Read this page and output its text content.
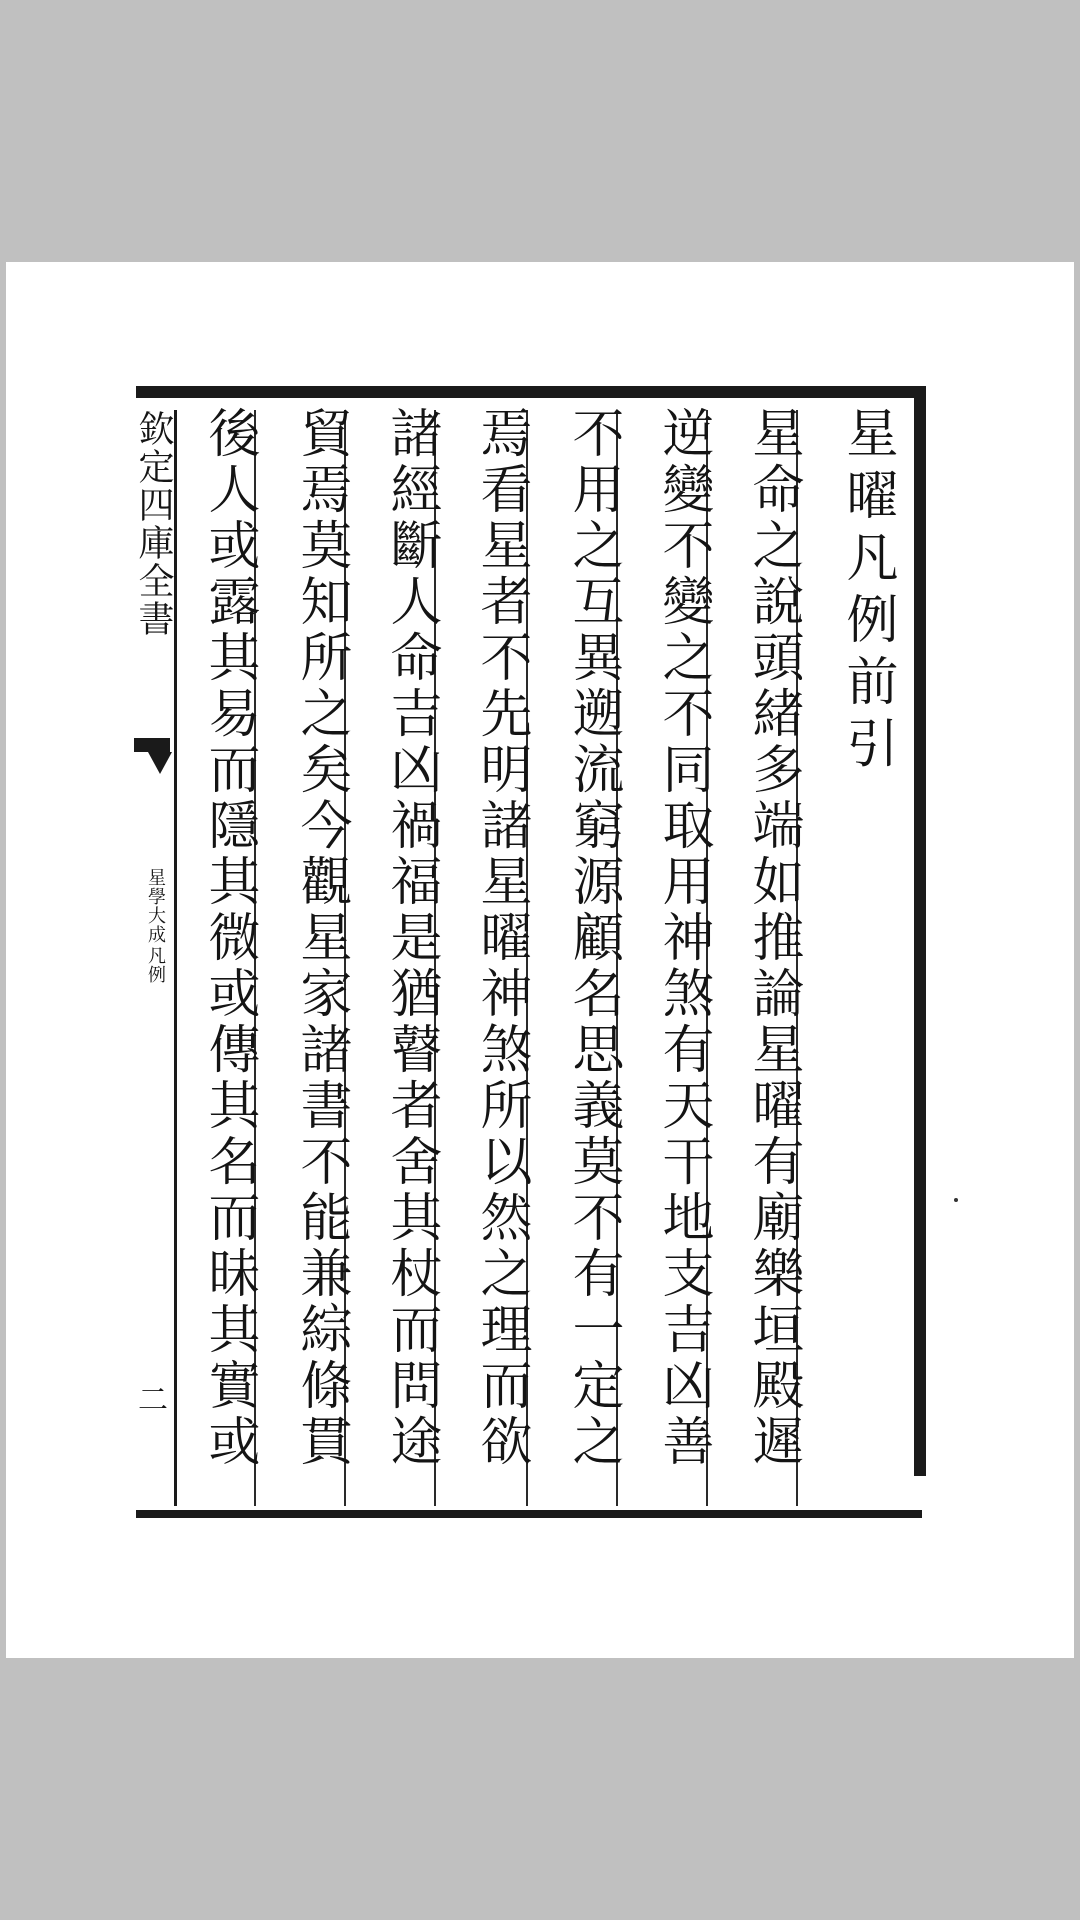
星曜凡例前引
星命之說頭緒多端如推論星曜有廟樂垣殿遲
逆變不變之不同取用神煞有天干地支吉凶善
不用之互異遡流窮源顧名思義莫不有一定之
焉看星者不先明諸星曜神煞所以然之理而欲
諸經斷人命吉凶禍福是猶瞽者舍其杖而問途
貿焉莫知所之矣今觀星家諸書不能兼綜條貫
後人或露其易而隱其微或傳其名而昧其實或
欽定四庫全書
星學大成
凡例
二
